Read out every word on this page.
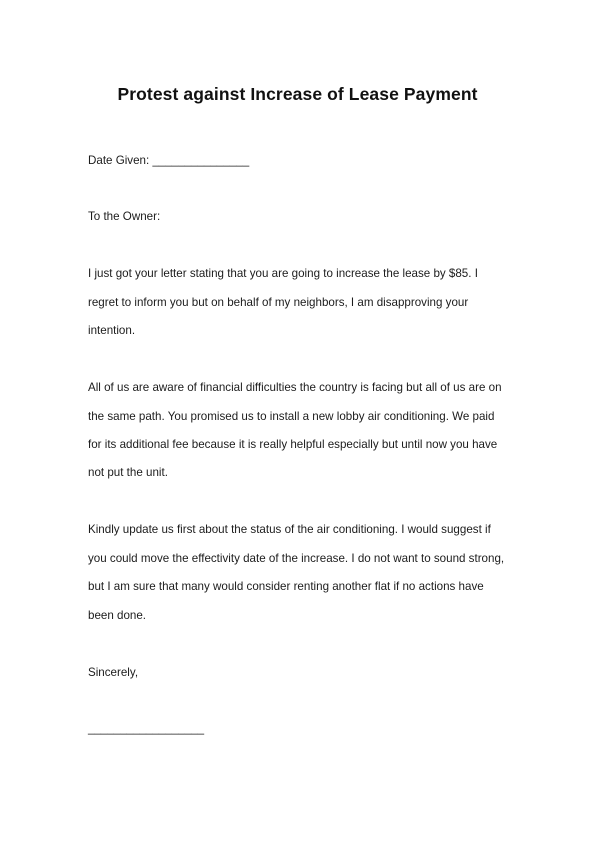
Protest against Increase of Lease Payment
Date Given: _______________
To the Owner:
I just got your letter stating that you are going to increase the lease by $85. I
regret to inform you but on behalf of my neighbors, I am disapproving your
intention.
All of us are aware of financial difficulties the country is facing but all of us are on
the same path. You promised us to install a new lobby air conditioning. We paid
for its additional fee because it is really helpful especially but until now you have
not put the unit.
Kindly update us first about the status of the air conditioning. I would suggest if
you could move the effectivity date of the increase. I do not want to sound strong,
but I am sure that many would consider renting another flat if no actions have
been done.
Sincerely,
__________________
